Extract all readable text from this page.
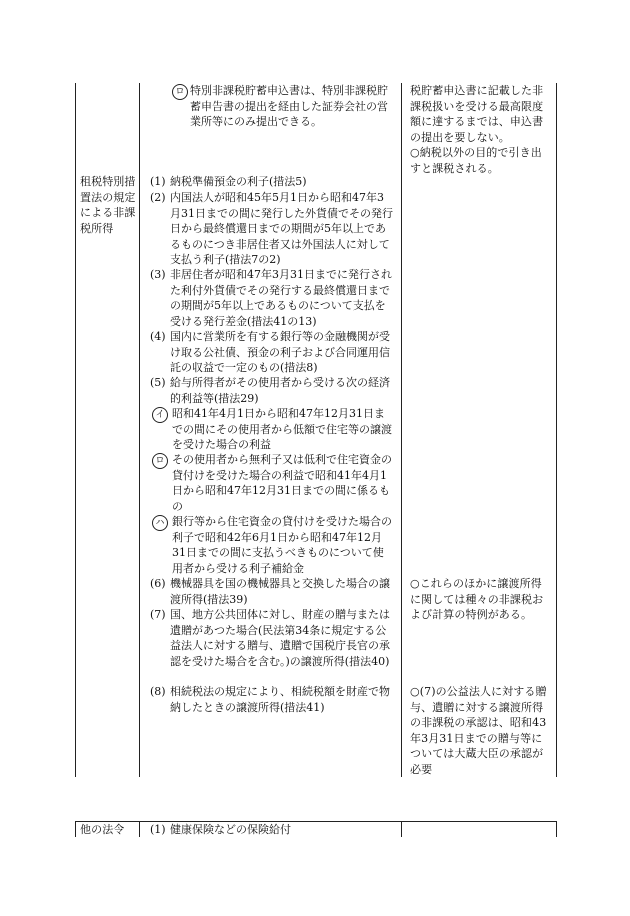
ロ 特別非課税貯蓄申込書は、特別非課税貯蓄申告書の提出を経由した証券会社の営業所等にのみ提出できる。
税貯蓄申込書に記載した非課税扱いを受ける最高限度額に達するまでは、申込書の提出を要しない。
○納税以外の目的で引き出すと課税される。
租税特別措置法の規定による非課税所得
(1) 納税準備預金の利子(措法5)
(2) 内国法人が昭和45年5月1日から昭和47年3月31日までの間に発行した外貨債でその発行日から最終償還日までの期間が5年以上であるものにつき非居住者又は外国法人に対して支払う利子(措法7の2)
(3) 非居住者が昭和47年3月31日までに発行された利付外貨債でその発行する最終償還日までの期間が5年以上であるものについて支払を受ける発行差金(措法41の13)
(4) 国内に営業所を有する銀行等の金融機関が受け取る公社債、預金の利子および合同運用信託の収益で一定のもの(措法8)
(5) 給与所得者がその使用者から受ける次の経済的利益等(措法29)
イ 昭和41年4月1日から昭和47年12月31日までの間にその使用者から低額で住宅等の譲渡を受けた場合の利益
ロ その使用者から無利子又は低利で住宅資金の貸付けを受けた場合の利益で昭和41年4月1日から昭和47年12月31日までの間に係るもの
ハ 銀行等から住宅資金の貸付けを受けた場合の利子で昭和42年6月1日から昭和47年12月31日までの間に支払うべきものについて使用者から受ける利子補給金
(6) 機械器具を国の機械器具と交換した場合の譲渡所得(措法39)
(7) 国、地方公共団体に対し、財産の贈与または遺贈があつた場合(民法第34条に規定する公益法人に対する贈与、遺贈で国税庁長官の承認を受けた場合を含む。)の譲渡所得(措法40)
(8) 相続税法の規定により、相続税額を財産で物納したときの譲渡所得(措法41)
○これらのほかに譲渡所得に関しては種々の非課税および計算の特例がある。
○(7)の公益法人に対する贈与、遺贈に対する譲渡所得の非課税の承認は、昭和43年3月31日までの贈与等については大蔵大臣の承認が必要
他の法令	(1) 健康保険などの保険給付
